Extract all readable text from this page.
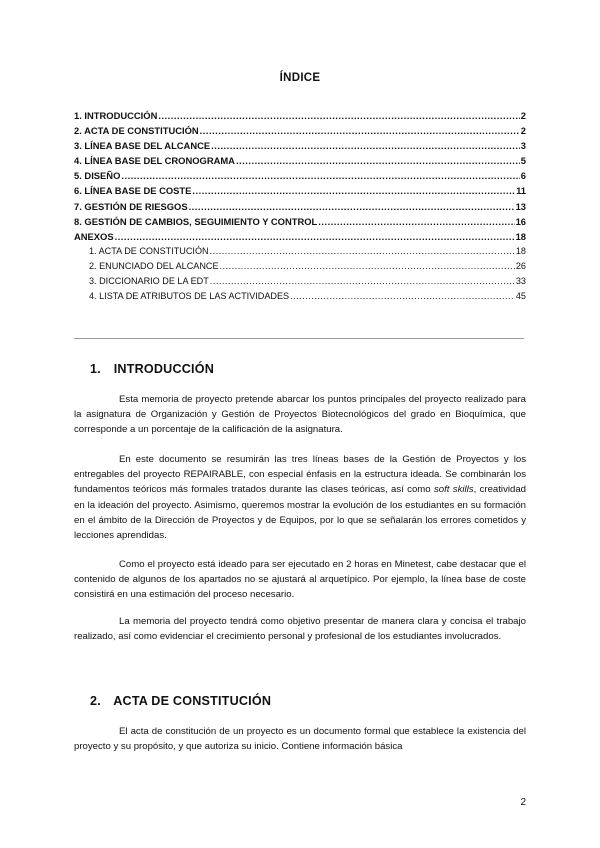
ÍNDICE
1. INTRODUCCIÓN .....	2
2. ACTA DE CONSTITUCIÓN .....	2
3. LÍNEA BASE DEL ALCANCE .....	3
4. LÍNEA BASE DEL CRONOGRAMA .....	5
5. DISEÑO .....	6
6. LÍNEA BASE DE COSTE .....	11
7. GESTIÓN DE RIESGOS .....	13
8. GESTIÓN DE CAMBIOS, SEGUIMIENTO Y CONTROL .....	16
ANEXOS .....	18
1. ACTA DE CONSTITUCIÓN .....	18
2. ENUNCIADO DEL ALCANCE .....	26
3. DICCIONARIO DE LA EDT .....	33
4. LISTA DE ATRIBUTOS DE LAS ACTIVIDADES .....	45
1. INTRODUCCIÓN

Esta memoria de proyecto pretende abarcar los puntos principales del proyecto realizado para la asignatura de Organización y Gestión de Proyectos Biotecnológicos del grado en Bioquímica, que corresponde a un porcentaje de la calificación de la asignatura.

En este documento se resumirán las tres líneas bases de la Gestión de Proyectos y los entregables del proyecto REPAIRABLE, con especial énfasis en la estructura ideada. Se combinarán los fundamentos teóricos más formales tratados durante las clases teóricas, así como soft skills, creatividad en la ideación del proyecto. Asimismo, queremos mostrar la evolución de los estudiantes en su formación en el ámbito de la Dirección de Proyectos y de Equipos, por lo que se señalarán los errores cometidos y lecciones aprendidas.

Como el proyecto está ideado para ser ejecutado en 2 horas en Minetest, cabe destacar que el contenido de algunos de los apartados no se ajustará al arquetípico. Por ejemplo, la línea base de coste consistirá en una estimación del proceso necesario.

La memoria del proyecto tendrá como objetivo presentar de manera clara y concisa el trabajo realizado, así como evidenciar el crecimiento personal y profesional de los estudiantes involucrados.

2. ACTA DE CONSTITUCIÓN

El acta de constitución de un proyecto es un documento formal que establece la existencia del proyecto y su propósito, y que autoriza su inicio. Contiene información básica

2
